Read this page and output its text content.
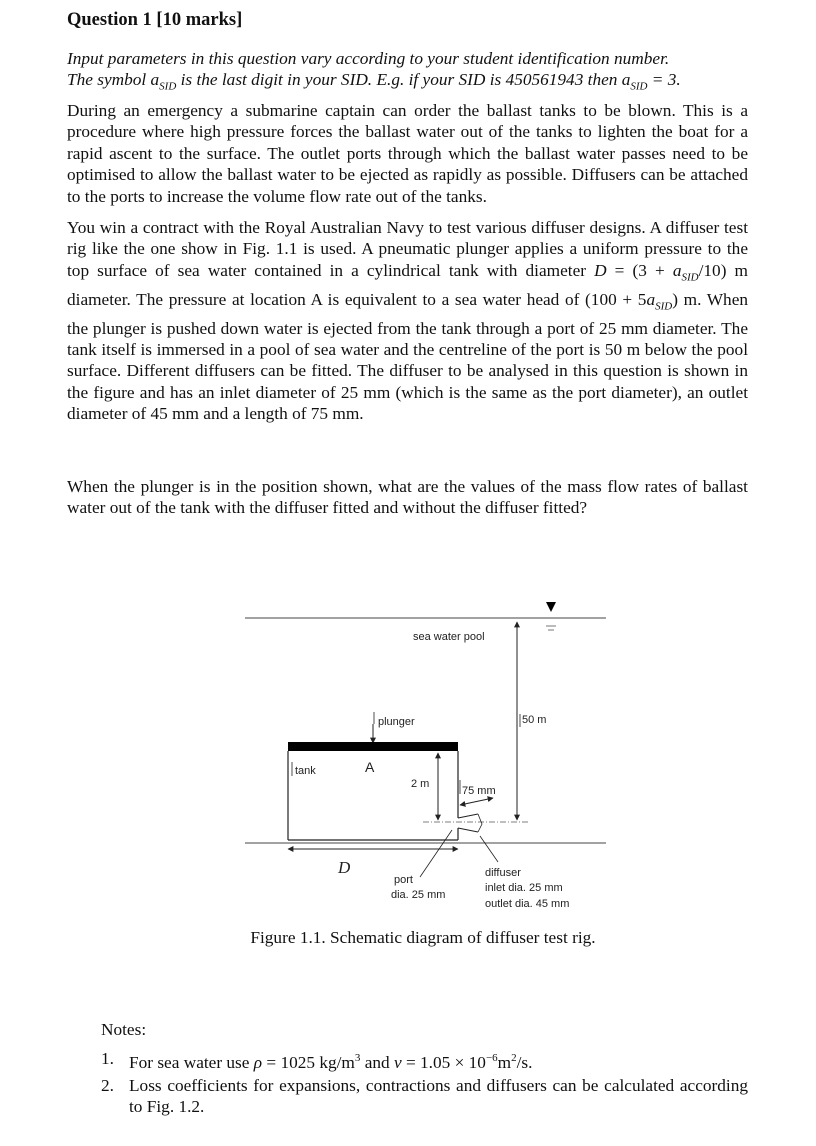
Question 1 [10 marks]

Input parameters in this question vary according to your student identification number.
The symbol $a_{SID}$ is the last digit in your SID. E.g. if your SID is 450561943 then $a_{SID} = 3$.

During an emergency a submarine captain can order the ballast tanks to be blown. This is a procedure where high pressure forces the ballast water out of the tanks to lighten the boat for a rapid ascent to the surface. The outlet ports through which the ballast water passes need to be optimised to allow the ballast water to be ejected as rapidly as possible. Diffusers can be attached to the ports to increase the volume flow rate out of the tanks.

You win a contract with the Royal Australian Navy to test various diffuser designs. A diffuser test rig like the one show in Fig. 1.1 is used. A pneumatic plunger applies a uniform pressure to the top surface of sea water contained in a cylindrical tank with diameter $D = (3 + a_{SID}/10)$ m diameter. The pressure at location A is equivalent to a sea water head of $(100 + 5a_{SID})$ m. When the plunger is pushed down water is ejected from the tank through a port of 25 mm diameter. The tank itself is immersed in a pool of sea water and the centreline of the port is 50 m below the pool surface. Different diffusers can be fitted. The diffuser to be analysed in this question is shown in the figure and has an inlet diameter of 25 mm (which is the same as the port diameter), an outlet diameter of 45 mm and a length of 75 mm.

When the plunger is in the position shown, what are the values of the mass flow rates of ballast water out of the tank with the diffuser fitted and without the diffuser fitted?

sea water pool
50 m
plunger
tank	A
2 m
75 mm
D
port
dia. 25 mm
diffuser
inlet dia. 25 mm
outlet dia. 45 mm

Figure 1.1. Schematic diagram of diffuser test rig.

Notes:
1. For sea water use ρ = 1025 $kg/m^3$ and $\nu = 1.05 \times 10^{-6}m^2/s$.
2. Loss coefficients for expansions, contractions and diffusers can be calculated according to Fig. 1.2.
